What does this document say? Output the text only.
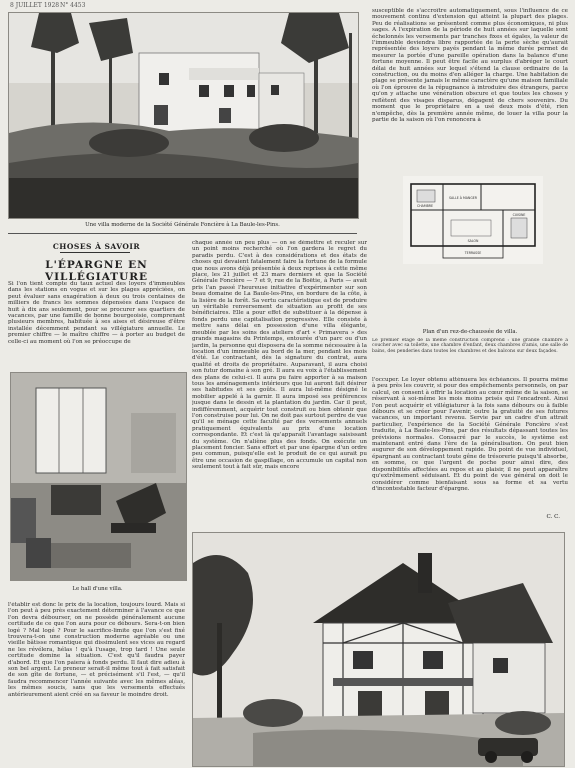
8 JUILLET 1928 N° 4453
Une villa moderne de la Société Générale Foncière à La Baule-les-Pins.
CHOSES À SAVOIR
L'ÉPARGNE EN VILLÉGIATURE
Si l'on tient compte du taux actuel des loyers d'immeubles dans les stations en vogue et sur les plages appréciées, on peut évaluer sans exagération à deux ou trois centaines de milliers de francs les sommes dépensées dans l'espace de huit à dix ans seulement, pour se procurer ses quartiers de vacances, par une famille de bonne bourgeoisie, comprenant plusieurs membres, habituée à ses aises et désireuse d'être installée décemment pendant sa villégiature annuelle. Le premier chiffre — le maître chiffre — à porter au budget de celle-ci au moment où l'on se préoccupe de
Le hall d'une villa.
l'établir est donc le prix de la location, toujours lourd. Mais si l'on peut à peu près exactement déterminer à l'avance ce que l'on devra débourser, on ne possède généralement aucune certitude de ce que l'on aura pour ce débours. Sera-t-on bien logé ? Mal logé ? Pour le sacrifice-limite que l'on s'est fixé trouvera-t-on une construction moderne agréable ou une vieille bâtisse romantique qui dissimulent ses vices au regard ne les révélera, hélas ! qu'à l'usage, trop tard ! Une seule certitude domine la situation. C'est qu'il faudra payer d'abord. Et que l'on paiera à fonds perdu. Il faut dire adieu à son bel argent. Le preneur serait-il même tout à fait satisfait de son gîte de fortune, — et précisément s'il l'est, — qu'il faudra recommencer l'année suivante avec les mêmes aléas, les mêmes soucis, sans que les versements effectués antérieurement aient créé en sa faveur le moindre droit.
chaque année un peu plus — on se démettre et reculer sur un point moins recherché où l'on gardera le regret du paradis perdu. C'est à des considérations et des états de choses qui devaient fatalement faire la fortune de la formule que nous avons déjà présentée à deux reprises à cette même place, les 21 juillet et 23 mars derniers et que la Société Générale Foncière — 7 et 9, rue de la Boëtie, à Paris — avait pris l'an passé l'heureuse initiative d'expérimenter sur son beau domaine de La Baule-les-Pins, en bordure de la côte, à la lisière de la forêt. Sa vertu caractéristique est de produire un véritable renversement de situation au profit de ses bénéficiaires. Elle a pour effet de substituer à la dépense à fonds perdu une capitalisation progressive. Elle consiste à mettre sans délai en possession d'une villa élégante, meublée par les soins des ateliers d'art « Primavera » des grands magasins du Printemps, entourée d'un parc ou d'un jardin, la personne qui disposera de la somme nécessaire à la location d'un immeuble au bord de la mer, pendant les mois d'été. Le contractant, dès la signature du contrat, aura qualité et droits de propriétaire. Auparavant, il aura choisi son futur domaine à son gré. Il aura eu voix à l'établissement des plans de celui-ci. Il aura pu faire apporter à sa maison tous les aménagements intérieurs que lui auront fait désirer ses habitudes et ses goûts. Il aura lui-même désigné le mobilier appelé à la garnir. Il aura imposé ses préférences jusque dans le dessin et la plantation du jardin. Car il peut, indifféremment, acquérir tout construit ou bien obtenir que l'on construise pour lui. On ne doit pas surtout perdre de vue qu'il se ménage cette faculté par des versements annuels pratiquement équivalents au prix d'une location correspondante. Et c'est là qu'apparaît l'avantage saisissant du système. On n'aliène plus des fonds. On exécute un placement foncier. Sans effort et par une épargne d'un ordre peu commun, puisqu'elle est le produit de ce qui aurait pu être une occasion de gaspillage, on accumule un capital non seulement tout à fait sûr, mais encore
susceptible de s'accroître automatiquement, sous l'influence de ce mouvement continu d'extension qui atteint la plupart des plages. Peu de réalisations se présentent comme plus économiques, ni plus sages. A l'expiration de la période de huit années sur laquelle sont échelonnés les versements par tranches fixes et égales, la valeur de l'immeuble deviendra libre rapportée de la perte sèche qu'aurait représentée des loyers payés pendant la même durée permet de mesurer la portée d'une pareille opération dans la balance d'une fortune moyenne. Il peut être facile au surplus d'abréger le court délai de huit années sur lequel s'étend la clause ordinaire de la construction, ou du moins d'en alléger la charge. Une habitation de plage se présente jamais le même caractère qu'une maison familiale où l'on éprouve de la répugnance à introduire des étrangers, parce qu'on y attache une vénération obscure et que toutes les choses y reflètent des visages disparus, dégagent de chers souvenirs. Du moment que le propriétaire en a usé deux mois d'été, rien n'empêche, dès la première année même, de louer la villa pour la partie de la saison où l'on renoncera à
CHAMBRE
SALLE À MANGER
SALON
CUISINE
TERRASSE
Plan d'un rez-de-chaussée de villa.
Le premier étage de la même construction comprend : une grande chambre à coucher avec sa toilette, une chambre d'enfant, deux chambres d'amis, une salle de bains, des penderies dans toutes les chambres et des balcons sur deux façades.
l'occuper. Le loyer obtenu atténuera les échéances. Il pourra même à peu près les couvrir, si pour des empêchements personnels, on par calcul, on consent à offrir la location au cœur même de la saison, se réservant à soi-même les mois moins prisés qui l'encadrent. Ainsi l'on peut acquérir et villégiaturer à la fois sans débours ou à faible débours et se créer pour l'avenir, outre la gratuité de ses futures vacances, un important revenu. Servie par un cadre d'un attrait particulier, l'expérience de la Société Générale Foncière s'est traduite, à La Baule-les-Pins, par des résultats dépassant toutes les prévisions normales. Consacré par le succès, le système est maintenant entré dans l'ère de la généralisation. On peut bien augurer de son développement rapide. Du point de vue individuel, épargnant au contractant toute gêne de trésorerie puisqu'il absorbe, en somme, ce que l'argent de poche pour ainsi dire, des disponibilités affectées au repos et au plaisir, il ne peut apparaître qu'extrêmement séduisant. Et du point de vue général on doit le considérer comme bienfaisant sous sa forme et sa vertu d'incontestable facteur d'épargne.
C. C.
